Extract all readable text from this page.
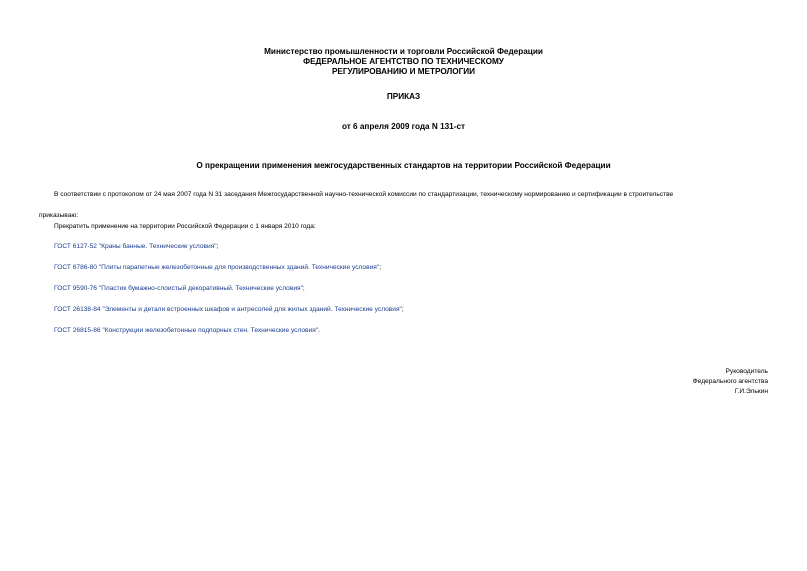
Министерство промышленности и торговли Российской Федерации
ФЕДЕРАЛЬНОЕ АГЕНТСТВО ПО ТЕХНИЧЕСКОМУ
РЕГУЛИРОВАНИЮ И МЕТРОЛОГИИ
ПРИКАЗ
от 6 апреля 2009 года N 131-ст
О прекращении применения межгосударственных стандартов на территории Российской Федерации
В соответствии с протоколом от 24 мая 2007 года N 31 заседания Межгосударственной научно-технической комиссии по стандартизации, техническому нормированию и сертификации в строительстве
приказываю:
Прекратить применение на территории Российской Федерации с 1 января 2010 года:
ГОСТ 6127-52 "Краны банные. Технические условия";
ГОСТ 6786-80 "Плиты парапетные железобетонные для производственных зданий. Технические условия";
ГОСТ 9590-76 "Пластик бумажно-слоистый декоративный. Технические условия";
ГОСТ 26138-84 "Элементы и детали встроенных шкафов и антресолей для жилых зданий. Технические условия";
ГОСТ 26815-86 "Конструкции железобетонные подпорных стен. Технические условия".
Руководитель
Федерального агентства
Г.И.Элькин
